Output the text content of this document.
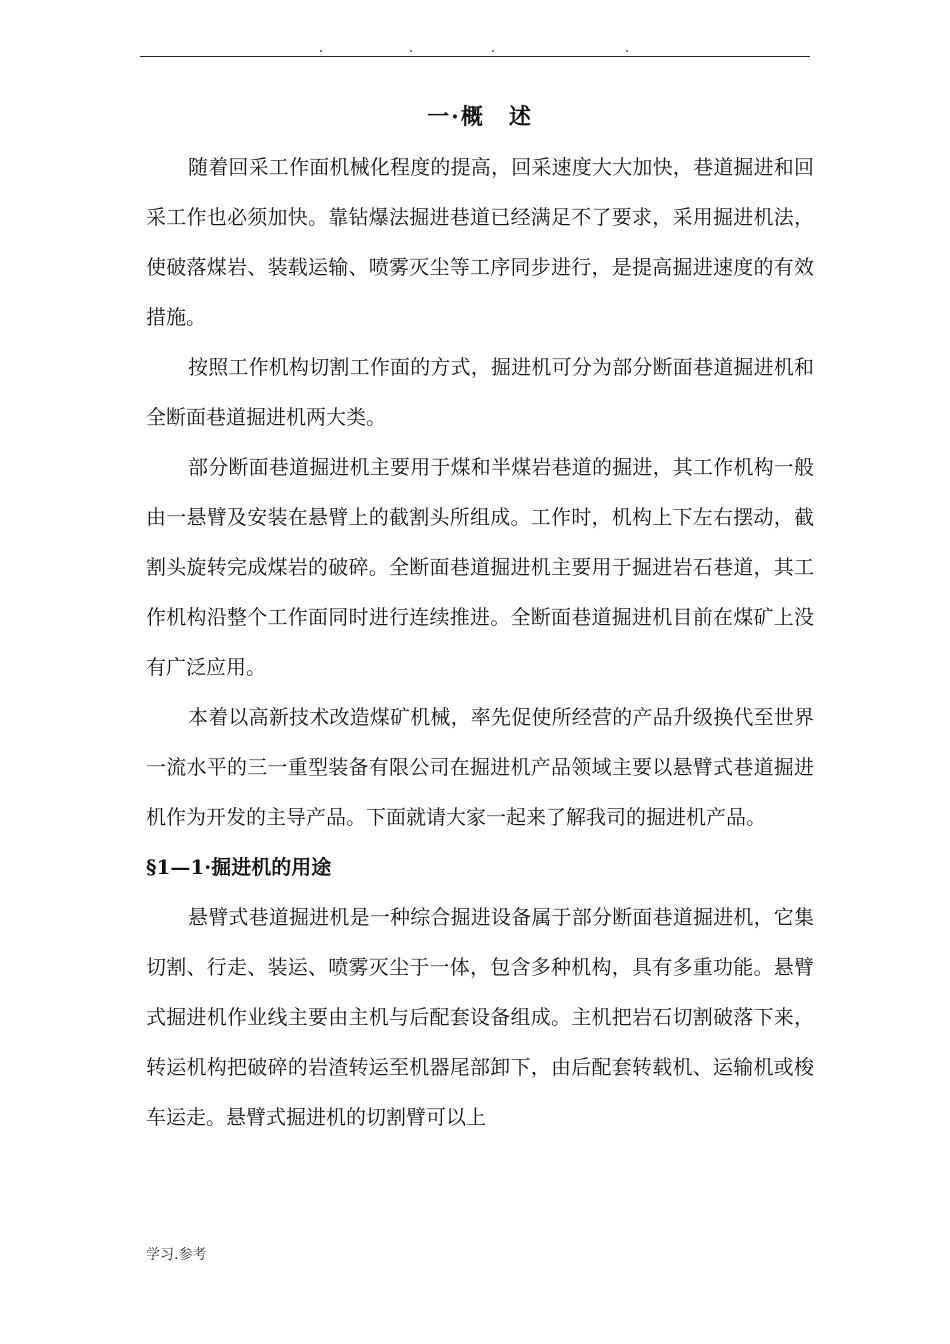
一·概　述

随着回采工作面机械化程度的提高，回采速度大大加快，巷道掘进和回采工作也必须加快。靠钻爆法掘进巷道已经满足不了要求，采用掘进机法，使破落煤岩、装载运输、喷雾灭尘等工序同步进行，是提高掘进速度的有效措施。

按照工作机构切割工作面的方式，掘进机可分为部分断面巷道掘进机和全断面巷道掘进机两大类。

部分断面巷道掘进机主要用于煤和半煤岩巷道的掘进，其工作机构一般由一悬臂及安装在悬臂上的截割头所组成。工作时，机构上下左右摆动，截割头旋转完成煤岩的破碎。全断面巷道掘进机主要用于掘进岩石巷道，其工作机构沿整个工作面同时进行连续推进。全断面巷道掘进机目前在煤矿上没有广泛应用。

本着以高新技术改造煤矿机械，率先促使所经营的产品升级换代至世界一流水平的三一重型装备有限公司在掘进机产品领域主要以悬臂式巷道掘进机作为开发的主导产品。下面就请大家一起来了解我司的掘进机产品。

§1—1·掘进机的用途

悬臂式巷道掘进机是一种综合掘进设备属于部分断面巷道掘进机，它集切割、行走、装运、喷雾灭尘于一体，包含多种机构，具有多重功能。悬臂式掘进机作业线主要由主机与后配套设备组成。主机把岩石切割破落下来，转运机构把破碎的岩渣转运至机器尾部卸下，由后配套转载机、运输机或梭车运走。悬臂式掘进机的切割臂可以上

学习.参考
